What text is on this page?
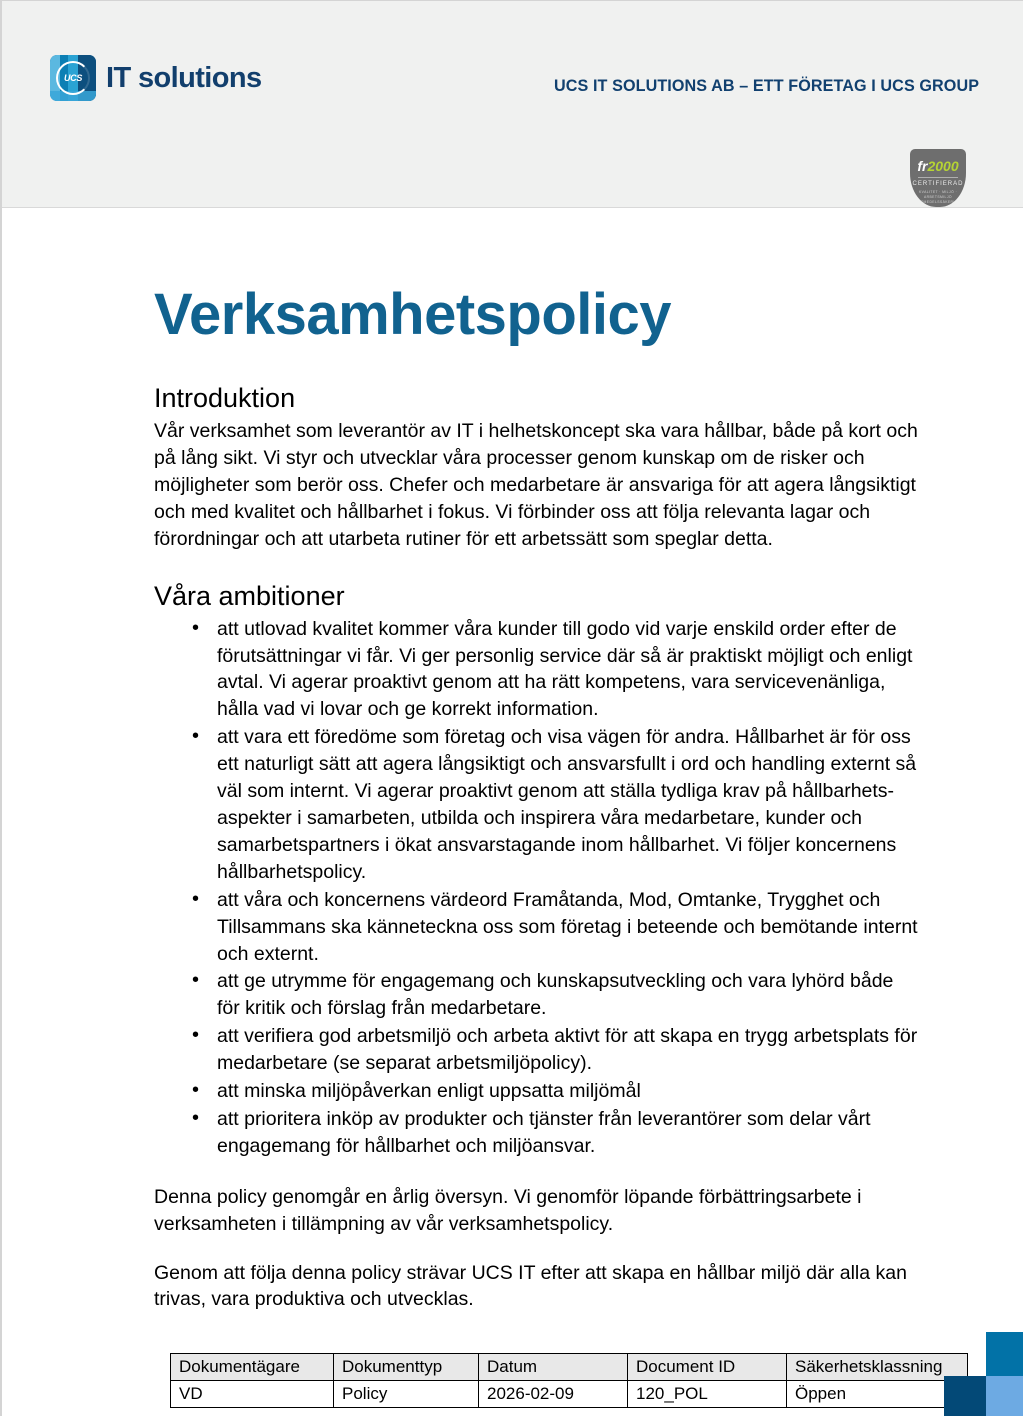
UCS IT solutions	UCS IT SOLUTIONS AB – ETT FÖRETAG I UCS GROUP
fr2000
CERTIFIERAD
KVALITET · MILJÖ · ARBETSMILJÖ LIVSMEDELSSÄKERHET
Verksamhetspolicy
Introduktion

Vår verksamhet som leverantör av IT i helhetskoncept ska vara hållbar, både på kort och på lång sikt. Vi styr och utvecklar våra processer genom kunskap om de risker och möjligheter som berör oss. Chefer och medarbetare är ansvariga för att agera långsiktigt och med kvalitet och hållbarhet i fokus. Vi förbinder oss att följa relevanta lagar och förordningar och att utarbeta rutiner för ett arbetssätt som speglar detta.

Våra ambitioner
• att utlovad kvalitet kommer våra kunder till godo vid varje enskild order efter de förutsättningar vi får. Vi ger personlig service där så är praktiskt möjligt och enligt avtal. Vi agerar proaktivt genom att ha rätt kompetens, vara servicevenänliga, hålla vad vi lovar och ge korrekt information.
• att vara ett föredöme som företag och visa vägen för andra. Hållbarhet är för oss ett naturligt sätt att agera långsiktigt och ansvarsfullt i ord och handling externt så väl som internt. Vi agerar proaktivt genom att ställa tydliga krav på hållbarhets-aspekter i samarbeten, utbilda och inspirera våra medarbetare, kunder och samarbetspartners i ökat ansvarstagande inom hållbarhet. Vi följer koncernens hållbarhetspolicy.
• att våra och koncernens värdeord Framåtanda, Mod, Omtanke, Trygghet och Tillsammans ska känneteckna oss som företag i beteende och bemötande internt och externt.
• att ge utrymme för engagemang och kunskapsutveckling och vara lyhörd både för kritik och förslag från medarbetare.
• att verifiera god arbetsmiljö och arbeta aktivt för att skapa en trygg arbetsplats för medarbetare (se separat arbetsmiljöpolicy).
• att minska miljöpåverkan enligt uppsatta miljömål
• att prioritera inköp av produkter och tjänster från leverantörer som delar vårt engagemang för hållbarhet och miljöansvar.

Denna policy genomgår en årlig översyn. Vi genomför löpande förbättringsarbete i verksamheten i tillämpning av vår verksamhetspolicy.

Genom att följa denna policy strävar UCS IT efter att skapa en hållbar miljö där alla kan trivas, vara produktiva och utvecklas.

Dokumentägare	Dokumenttyp	Datum	Document ID	Säkerhetsklassning
VD	Policy	2026-02-09	120_POL	Öppen
